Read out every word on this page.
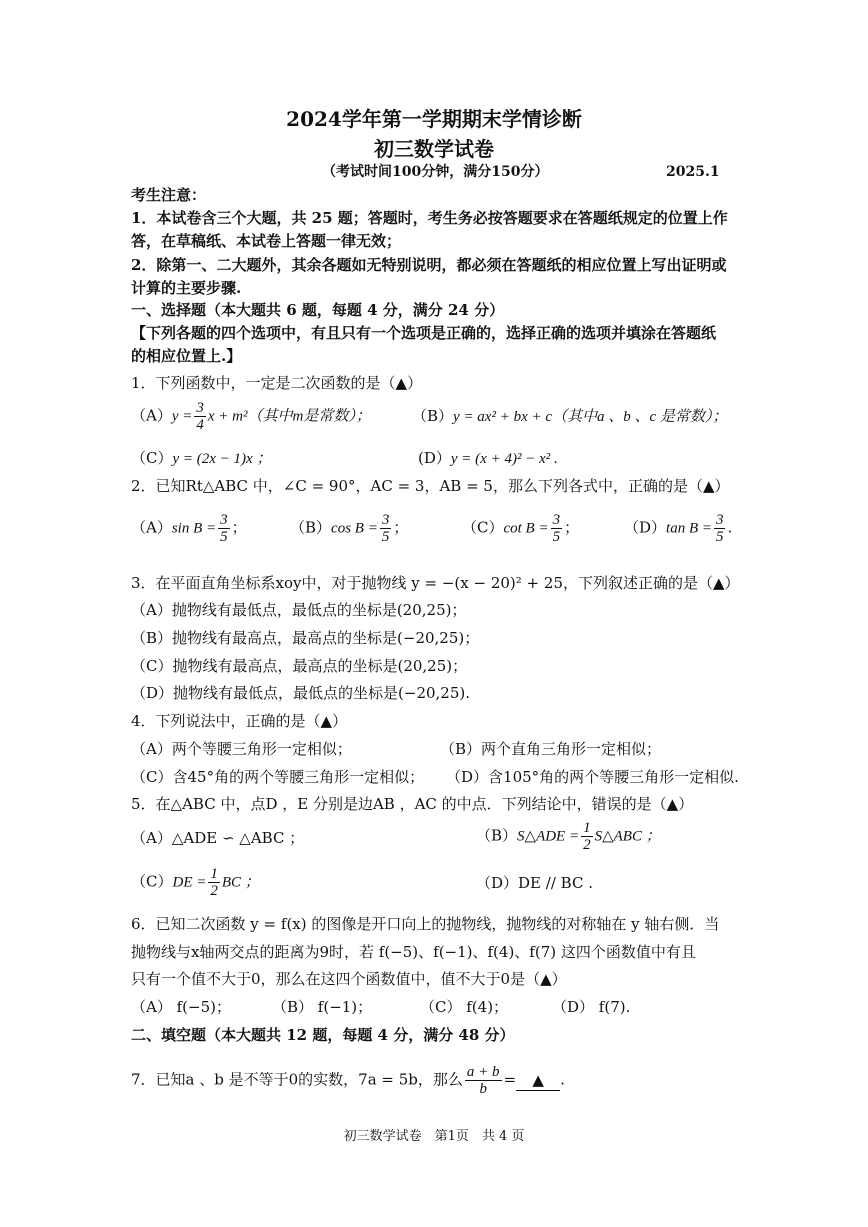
2024学年第一学期期末学情诊断
初三数学试卷
（考试时间100分钟，满分150分）	2025.1
考生注意：
1．本试卷含三个大题，共 25 题；答题时，考生务必按答题要求在答题纸规定的位置上作
答，在草稿纸、本试卷上答题一律无效；
2．除第一、二大题外，其余各题如无特别说明，都必须在答题纸的相应位置上写出证明或
计算的主要步骤.
一、选择题（本大题共 6 题，每题 4 分，满分 24 分）
【下列各题的四个选项中，有且只有一个选项是正确的，选择正确的选项并填涂在答题纸
的相应位置上.】
1．下列函数中，一定是二次函数的是（▲）
$(A)y = \frac{3}{4}$ x + m²（其中m是常数）；	（B）y = ax² + bx + c（其中a 、b 、c 是常数）；
（C）y = (2x − 1)x ；	(D）y = (x + 4)² − x² .
2．已知Rt△ABC 中，∠C = 90°，AC = 3，AB = 5，那么下列各式中，正确的是（▲）
（A）sin $B = \frac{3}{5}$ ；	（B）cos $B = \frac{3}{5}$ ；	（C）cot $B = \frac{3}{5}$ ；	（D）tan $B = \frac{3}{5}$ .
3．在平面直角坐标系xoy中，对于抛物线 y = −(x − 20)² + 25，下列叙述正确的是（▲）
（A）抛物线有最低点，最低点的坐标是(20,25)；
（B）抛物线有最高点，最高点的坐标是(−20,25)；
（C）抛物线有最高点，最高点的坐标是(20,25)；
（D）抛物线有最低点，最低点的坐标是(−20,25).
4．下列说法中，正确的是（▲）
（A）两个等腰三角形一定相似；	（B）两个直角三角形一定相似；
（C）含45°角的两个等腰三角形一定相似； （D）含105°角的两个等腰三角形一定相似.
5．在△ABC 中，点D ，E 分别是边AB ，AC 的中点．下列结论中，错误的是（▲）
（A）△ADE ∽ △ABC ；	（B）S△ADE = $\frac{1}{2}$ S△ABC ；
$(C)DE = \frac{1}{2}$ BC ；	（D）DE // BC .
6．已知二次函数 y = f(x) 的图像是开口向上的抛物线，抛物线的对称轴在 y 轴右侧．当
抛物线与x轴两交点的距离为9时，若 f(−5)、f(−1)、f(4)、f(7) 这四个函数值中有且
只有一个值不大于0，那么在这四个函数值中，值不大于0是（▲）
（A） f(−5)；	（B） f(−1)；	（C） f(4)；	（D） f(7).
二、填空题（本大题共 12 题，每题 4 分，满分 48 分）
7．已知a 、b 是不等于0的实数，7a = 5b，那么 $\frac{a + b}{b}$ = ▲ .
初三数学试卷　第1页　共 4 页
